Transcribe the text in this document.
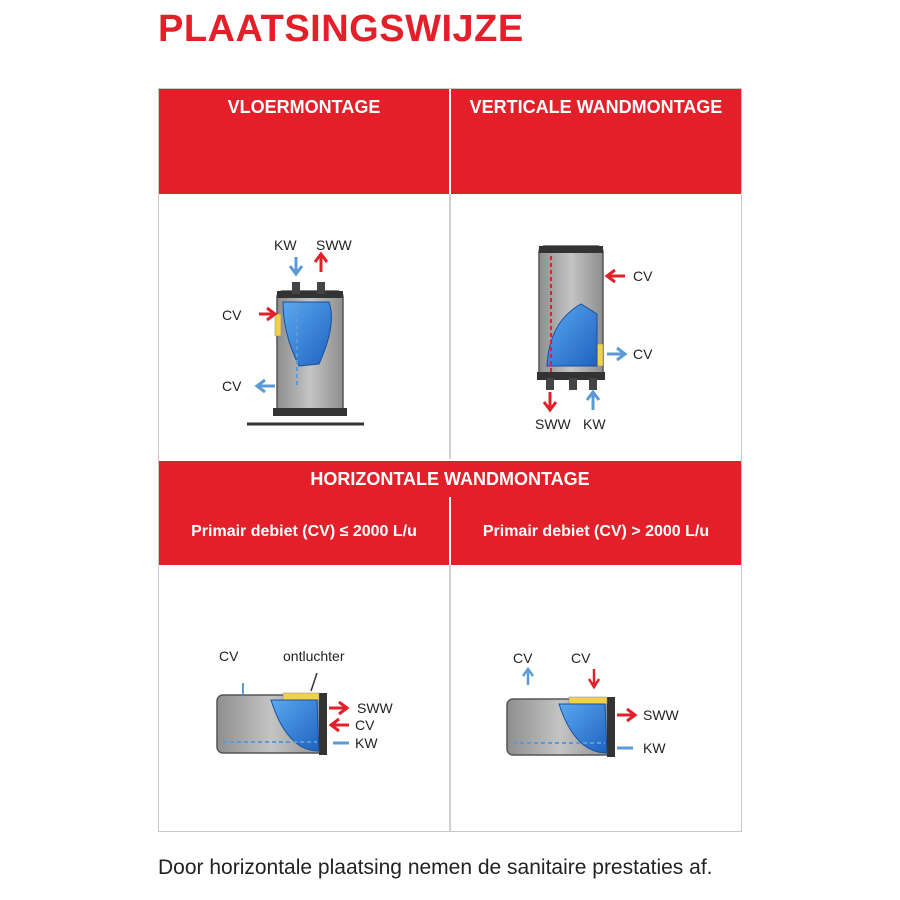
PLAATSINGSWIJZE
VLOERMONTAGE	VERTICALE WANDMONTAGE
KW SWW
CV
CV
CV
CV
SWW KW
HORIZONTALE WANDMONTAGE
Primair debiet (CV) ≤ 2000 L/u	Primair debiet (CV) > 2000 L/u
CV	ontluchter
SWW
CV
KW
CV	CV
SWW
KW

Door horizontale plaatsing nemen de sanitaire prestaties af.
